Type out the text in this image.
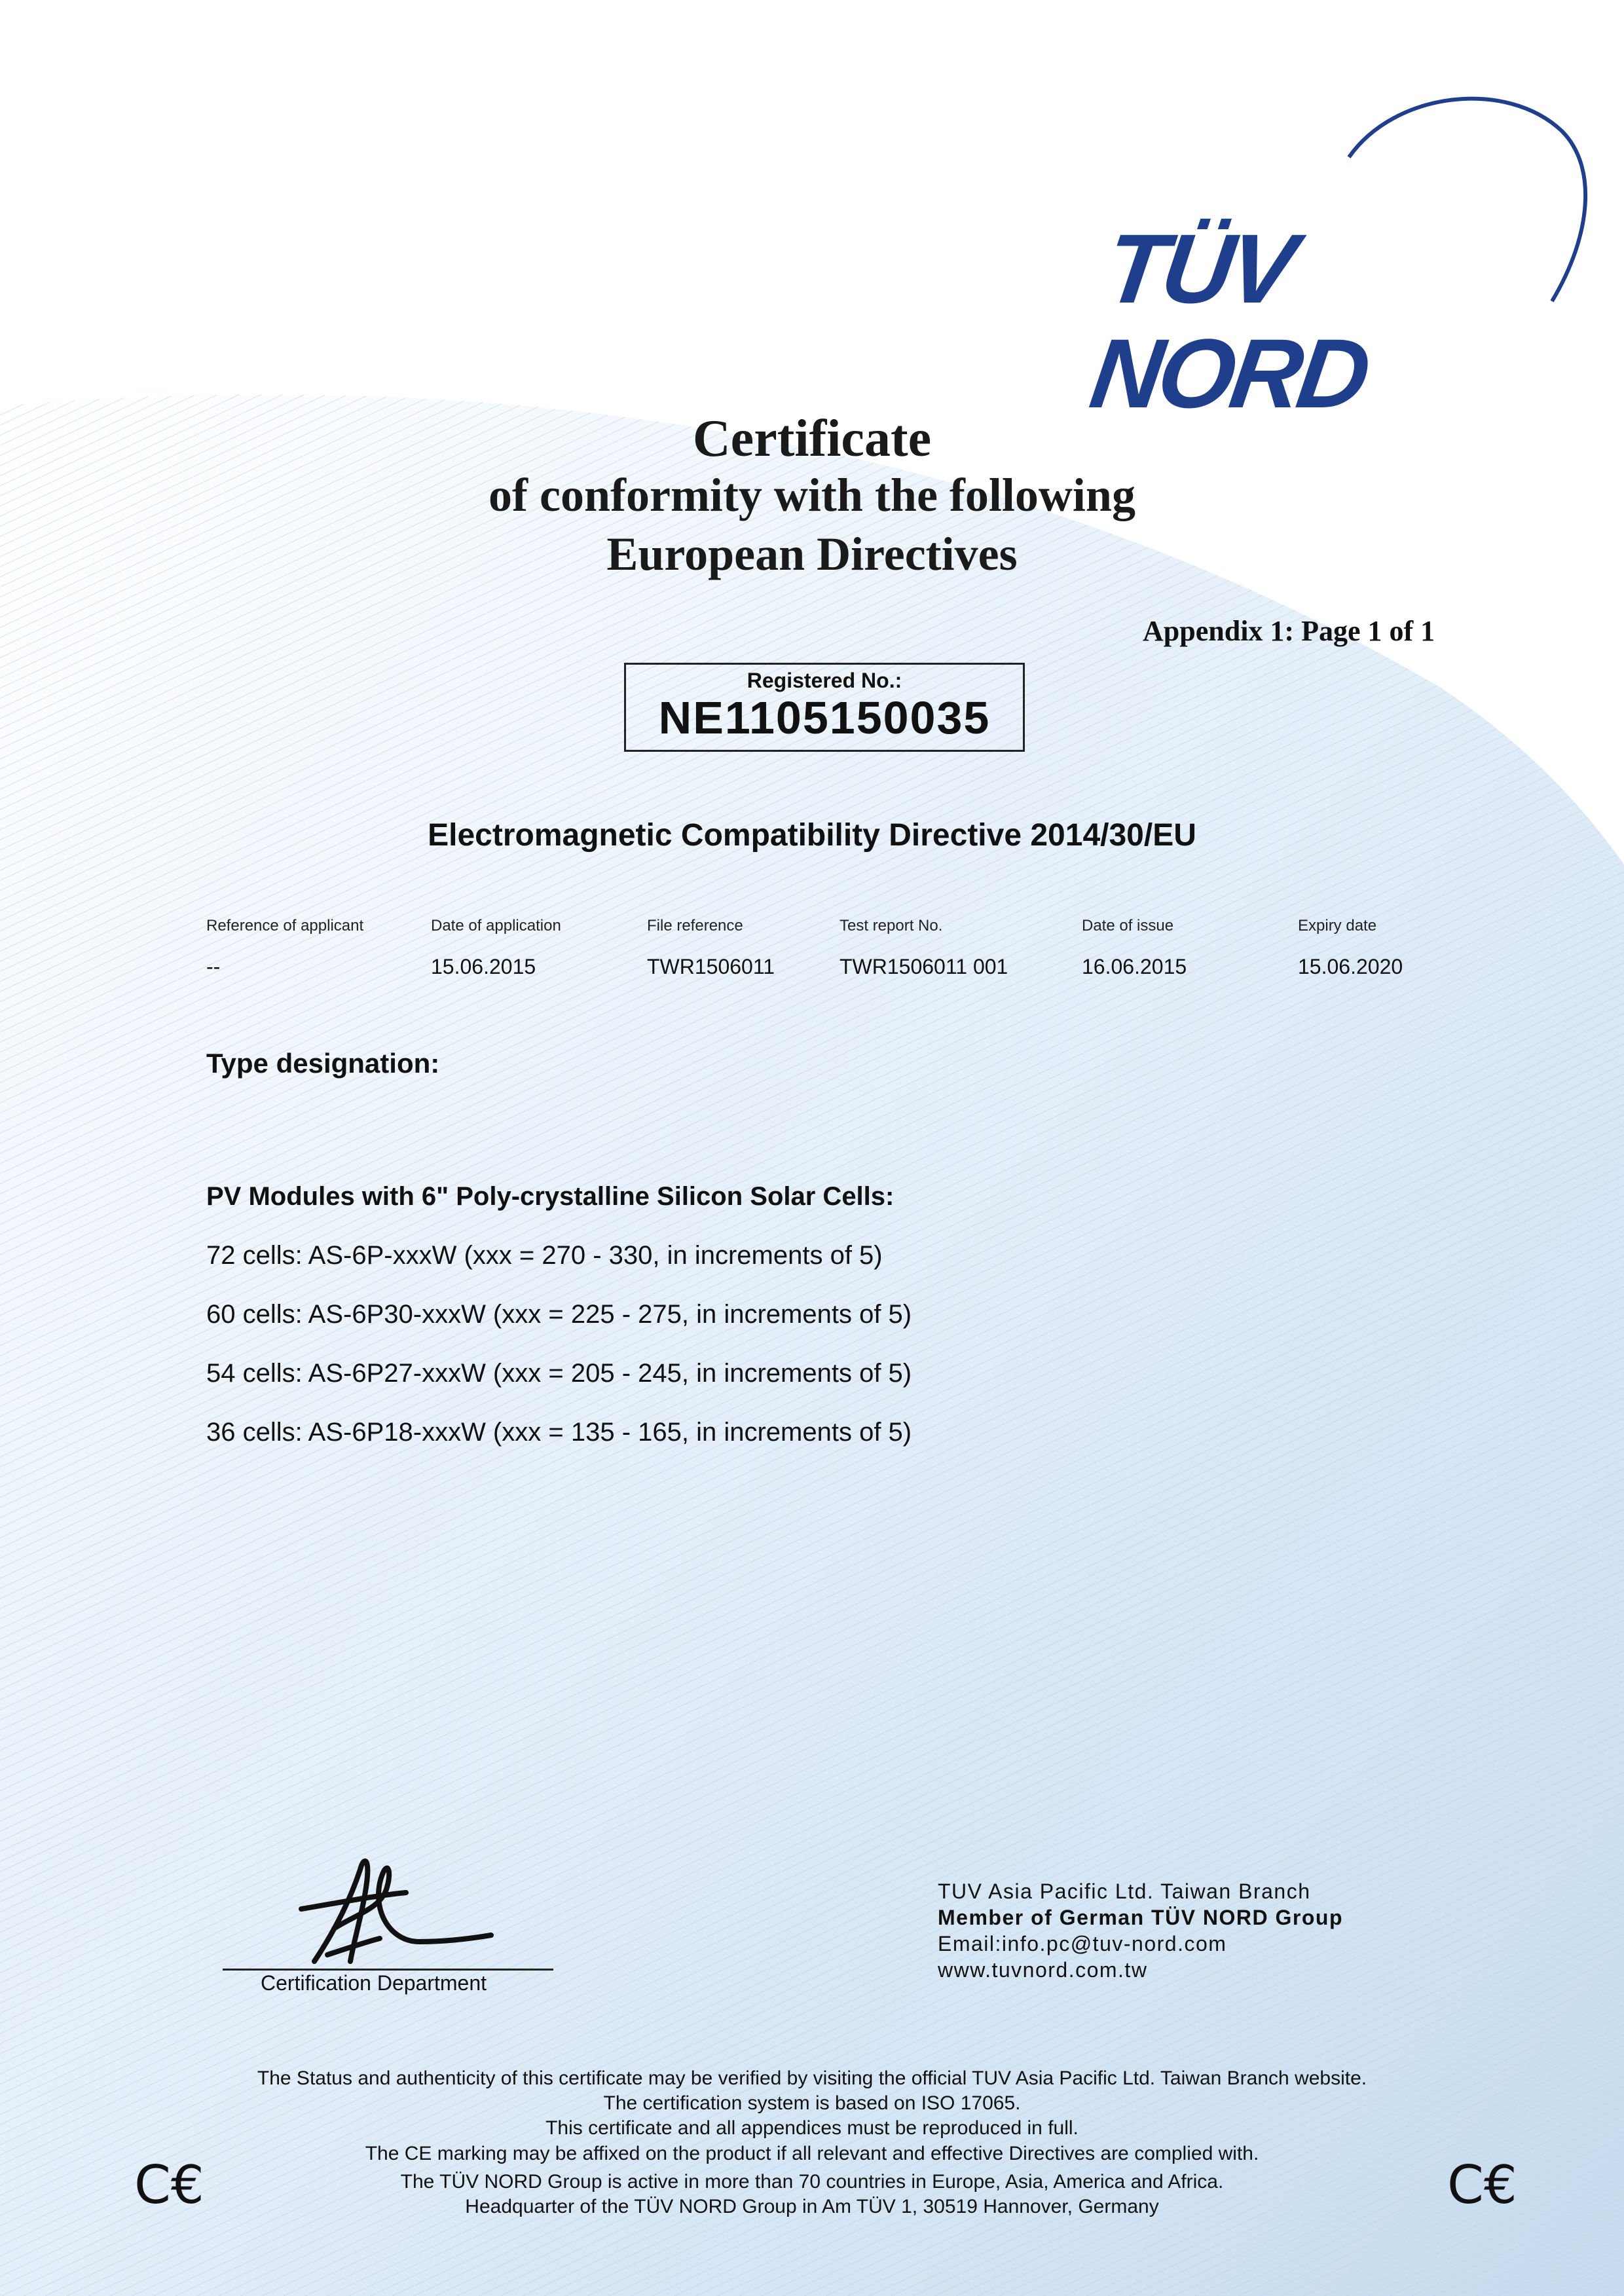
TÜV NORD
Certificate
of conformity with the following
European Directives
Appendix 1: Page 1 of 1
Registered No.:
NE1105150035
Electromagnetic Compatibility Directive 2014/30/EU
Reference of applicant	Date of application	File reference	Test report No.	Date of issue	Expiry date
--	15.06.2015	TWR1506011	TWR1506011 001	16.06.2015	15.06.2020
Type designation:
PV Modules with 6" Poly-crystalline Silicon Solar Cells:
72 cells: AS-6P-xxxW (xxx = 270 - 330, in increments of 5)
60 cells: AS-6P30-xxxW (xxx = 225 - 275, in increments of 5)
54 cells: AS-6P27-xxxW (xxx = 205 - 245, in increments of 5)
36 cells: AS-6P18-xxxW (xxx = 135 - 165, in increments of 5)
Certification Department
TUV Asia Pacific Ltd. Taiwan Branch
Member of German TÜV NORD Group
Email:info.pc@tuv-nord.com
www.tuvnord.com.tw
The Status and authenticity of this certificate may be verified by visiting the official TUV Asia Pacific Ltd. Taiwan Branch website.
The certification system is based on ISO 17065.
This certificate and all appendices must be reproduced in full.
The CE marking may be affixed on the product if all relevant and effective Directives are complied with.
The TÜV NORD Group is active in more than 70 countries in Europe, Asia, America and Africa.
Headquarter of the TÜV NORD Group in Am TÜV 1, 30519 Hannover, Germany
C€	C€
